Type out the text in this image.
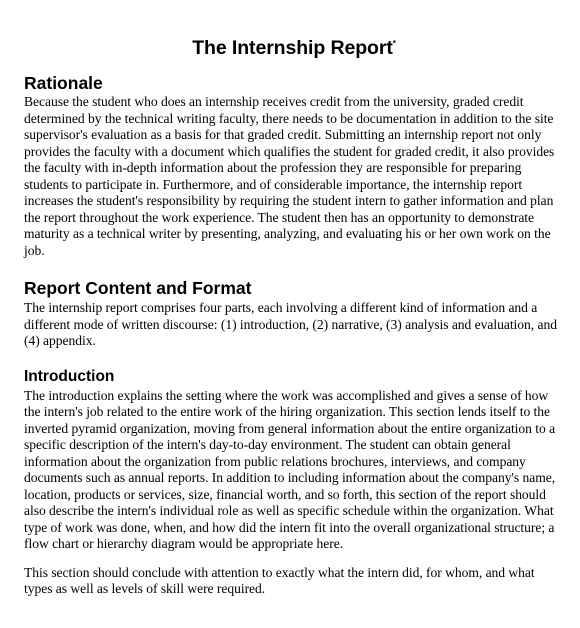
The Internship Report*
Rationale

Because the student who does an internship receives credit from the university, graded credit determined by the technical writing faculty, there needs to be documentation in addition to the site supervisor's evaluation as a basis for that graded credit. Submitting an internship report not only provides the faculty with a document which qualifies the student for graded credit, it also provides the faculty with in-depth information about the profession they are responsible for preparing students to participate in. Furthermore, and of considerable importance, the internship report increases the student's responsibility by requiring the student intern to gather information and plan the report throughout the work experience. The student then has an opportunity to demonstrate maturity as a technical writer by presenting, analyzing, and evaluating his or her own work on the job.

Report Content and Format

The internship report comprises four parts, each involving a different kind of information and a different mode of written discourse: (1) introduction, (2) narrative, (3) analysis and evaluation, and (4) appendix.

Introduction

The introduction explains the setting where the work was accomplished and gives a sense of how the intern's job related to the entire work of the hiring organization. This section lends itself to the inverted pyramid organization, moving from general information about the entire organization to a specific description of the intern's day-to-day environment. The student can obtain general information about the organization from public relations brochures, interviews, and company documents such as annual reports. In addition to including information about the company's name, location, products or services, size, financial worth, and so forth, this section of the report should also describe the intern's individual role as well as specific schedule within the organization. What type of work was done, when, and how did the intern fit into the overall organizational structure; a flow chart or hierarchy diagram would be appropriate here.

This section should conclude with attention to exactly what the intern did, for whom, and what types as well as levels of skill were required.
